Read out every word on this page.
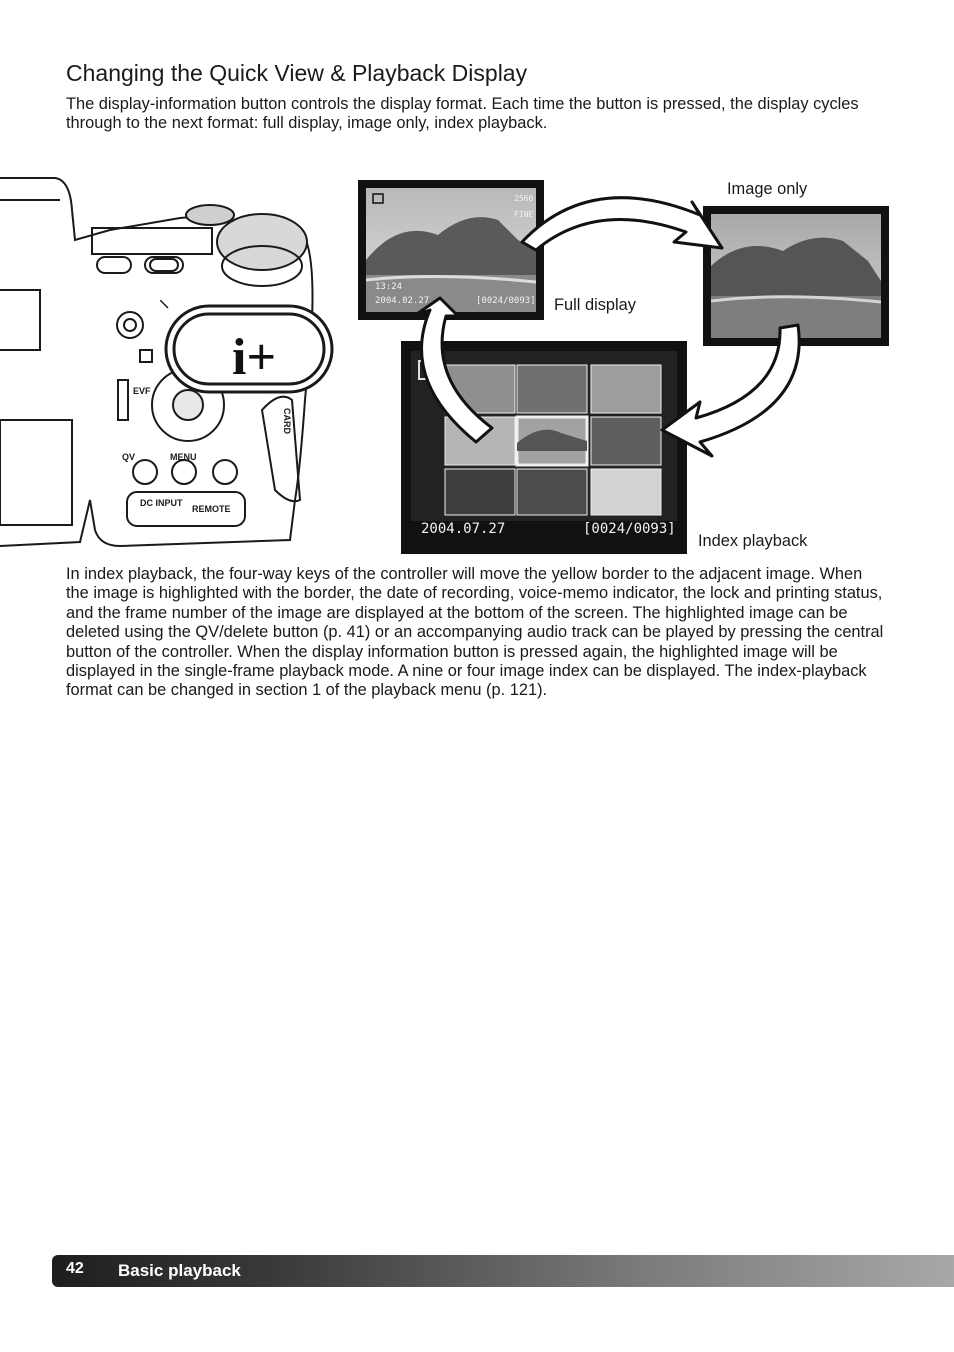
Changing the Quick View & Playback Display

The display-information button controls the display format. Each time the button is pressed, the display cycles through to the next format: full display, image only, index playback.

EVF
QV	MENU
DC INPUT
REMOTE
CARD
i+
13:24
2004.02.27	[0024/0093]
2560
FINE
Full display
Image only
2004.07.27	[0024/0093]
Index playback

In index playback, the four-way keys of the controller will move the yellow border to the adjacent image. When the image is highlighted with the border, the date of recording, voice-memo indicator, the lock and printing status, and the frame number of the image are displayed at the bottom of the screen. The highlighted image can be deleted using the QV/delete button (p. 41) or an accompanying audio track can be played by pressing the central button of the controller. When the display information button is pressed again, the highlighted image will be displayed in the single-frame playback mode. A nine or four image index can be displayed. The index-playback format can be changed in section 1 of the playback menu (p. 121).

42 Basic playback
